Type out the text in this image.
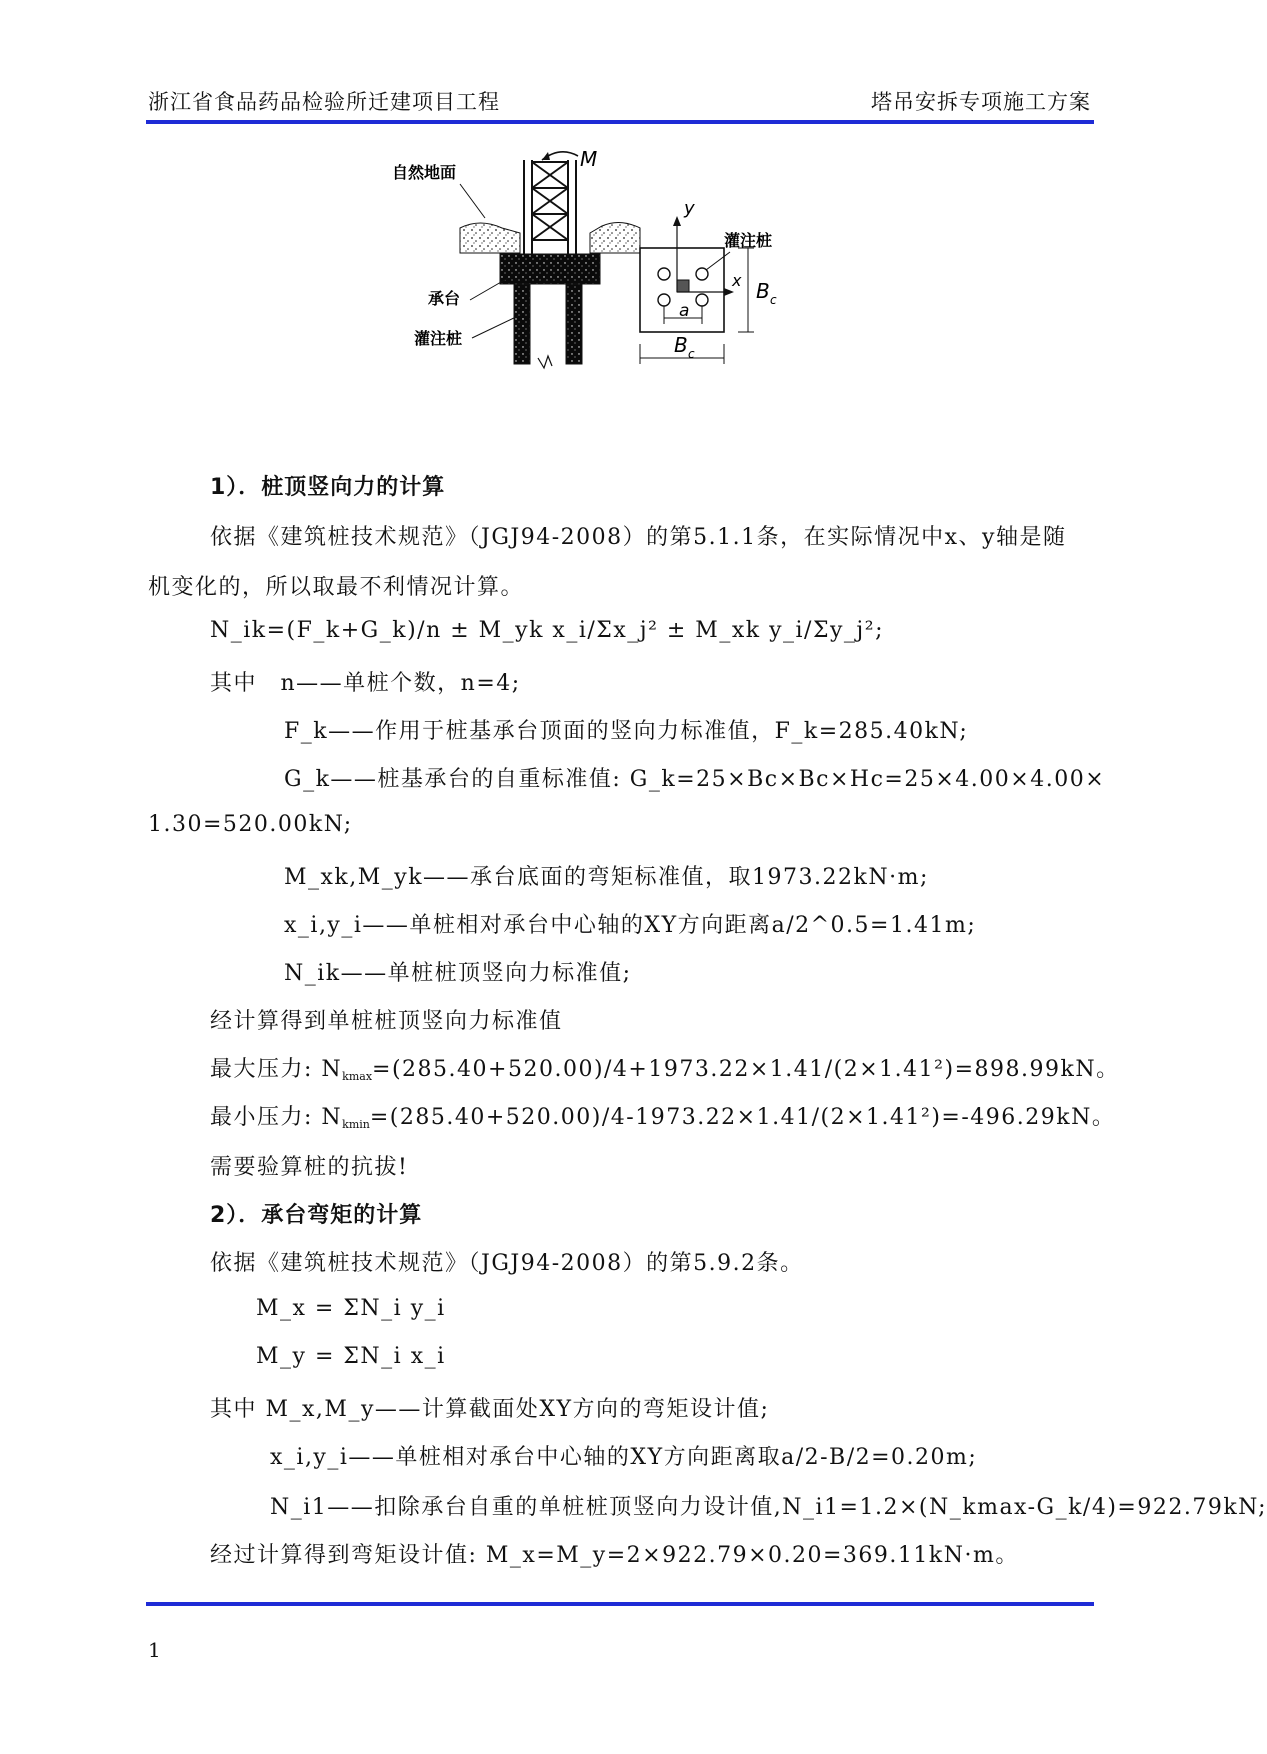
浙江省食品药品检验所迁建项目工程	塔吊安拆专项施工方案
M
自然地面
承台
灌注桩
y
x
a
B c
B c
灌注桩
1）．桩顶竖向力的计算
依据《建筑桩技术规范》（JGJ94-2008）的第5.1.1条，在实际情况中x、y轴是随
机变化的，所以取最不利情况计算。
N_ik=(F_k+G_k)/n ± M_yk x_i/Σx_j² ± M_xk y_i/Σy_j²;
其中　n——单桩个数，n=4;
F_k——作用于桩基承台顶面的竖向力标准值，F_k=285.40kN;
G_k——桩基承台的自重标准值: G_k=25×Bc×Bc×Hc=25×4.00×4.00×
1.30=520.00kN;
M_xk,M_yk——承台底面的弯矩标准值，取1973.22kN·m;
x_i,y_i——单桩相对承台中心轴的XY方向距离a/2^0.5=1.41m;
N_ik——单桩桩顶竖向力标准值;
经计算得到单桩桩顶竖向力标准值
最大压力: $N_{kmax}=(285.40+520.00)/4+1973.22\times 1.41/(2\times 1.41^2)=898.99kN$。
最小压力: $N_{kmin}=(285.40+520.00)/4-1973.22\times 1.41/(2\times 1.41^2)=-496.29kN$。
需要验算桩的抗拔!
2）．承台弯矩的计算
依据《建筑桩技术规范》（JGJ94-2008）的第5.9.2条。
M_x = ΣN_i y_i
M_y = ΣN_i x_i
其中 M_x,M_y——计算截面处XY方向的弯矩设计值;
x_i,y_i——单桩相对承台中心轴的XY方向距离取a/2-B/2=0.20m;
N_i1——扣除承台自重的单桩桩顶竖向力设计值,N_i1=1.2×(N_kmax-G_k/4)=922.79kN;
经过计算得到弯矩设计值: M_x=M_y=2×922.79×0.20=369.11kN·m。
1
